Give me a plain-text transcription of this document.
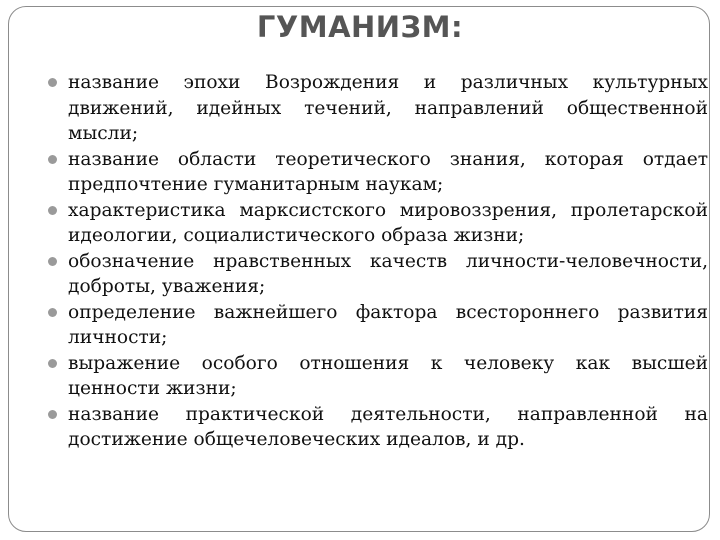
ГУМАНИЗМ:
название эпохи Возрождения и различных культурных движений, идейных течений, направлений общественной мысли;
название области теоретического знания, которая отдает предпочтение гуманитарным наукам;
характеристика марксистского мировоззрения, пролетарской идеологии, социалистического образа жизни;
обозначение нравственных качеств личности-человечности, доброты, уважения;
определение важнейшего фактора всестороннего развития личности;
выражение особого отношения к человеку как высшей ценности жизни;
название практической деятельности, направленной на достижение общечеловеческих идеалов, и др.
